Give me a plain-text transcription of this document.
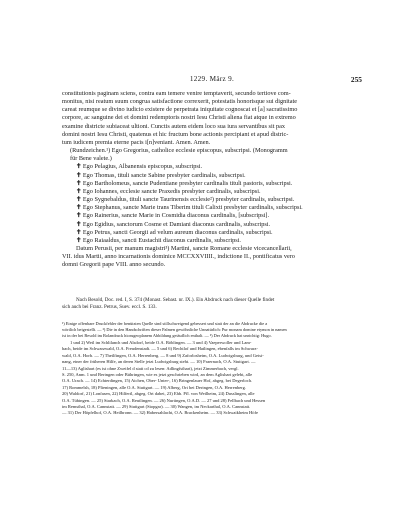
1229. März 9.	255
constitutionis paginam sciens, contra eam temere venire temptaverit, secundo tertiove com-
monitus, nisi reatum suum congrua satisfactione correxerit, potestatis honorisque sui dignitate
careat reumque se divino iudicio existere de perpetrata iniquitate cognoscat et [a] sacratissimo
corpore, ac sanguine dei et domini redemptoris nostri Iesu Christi aliena fiat atque in extremo
examine districte subiaceat ultioni. Cunctis autem eidem loco sua iura servantibus sit pax
domini nostri Iesu Christi, quatenus et hic fructum bone actionis percipiant et apud distric-
tum iudicem premia eterne pacis i[n]veniant. Amen. Amen.
(Rundzeichen.¹) Ego Gregorius, catholice ecclesie episcopus, subscripsi. (Monogramm
für Bene valete.)
✝ Ego Pelagius, Albanensis episcopus, subscripsi.
✝ Ego Thomas, tituli sancte Sabine presbyter cardinalis, subscripsi.
✝ Ego Bartholomeus, sancte Pudentiane presbyter cardinalis tituli pastoris, subscripsi.
✝ Ego Iohannes, ecclesie sancte Praxedis presbyter cardinalis, subscripsi.
✝ Ego Sygnebaldus, tituli sancte Taurinensis ecclesie²) presbyter cardinalis, subscripsi.
✝ Ego Stephanus, sancte Marie trans Tiberim tituli Calixti presbyter cardinalis, subscripsi.
✝ Ego Rainerius, sancte Marie in Cosmidia diaconus cardinalis, [subscripsi].
✝ Ego Egidius, sanctorum Cosme et Damiani diaconus cardinalis, subscripsi.
✝ Ego Petrus, sancti Georgii ad velum aureum diaconus cardinalis, subscripsi.
✝ Ego Raiaaldus, sancti Eustachii diaconus cardinalis, subscripsi.
Datum Perusii, per manum magistri³) Martini, sancte Romane ecclesie vicecancellarii,
VII. idus Martii, anno incarnationis dominice MCCXXVIIII., indictione II., pontificatus vero
domni Gregorii pape VIII. anno secundo.
Nach Besold, Doc. red. I, S. 374 (Monast. Sebast. nr. IX.). Ein Abdruck nach dieser Quelle findet
sich auch bei Franz. Petrus, Suev. eccl. S. 133.
¹) Einige offenbare Druckfehler der benützten Quelle sind stillschweigend gebessert und statt der an die Abdrucke die a
wörtlich beigestellt. — ²) Die in den Handschriften dieser Palmen gewöhnliche Unnatürlich: Pur monam domine etymon in namen
ist in der bei Besold im Bolandruck hiorugeoplanem Abbildung getäuflich enthalt. — ³) Der Abdruck hat unrichtig: Hugo.
1 und 2) Weil im Schlilanch und Alsdorf, beide O.A. Böblingen. — 3 und 4) Vaeperwoller und Lam-
bach, beide im Schwarzwald, O.A. Freudenstadt. — 5 und 6) Rechtlof und Hatlingen, ebenfalls im Schwarz-
wald, O.A. Horb. — 7) Theilfingen, O.A. Herrenberg. — 8 und 9) Zaforlosheim, O.A. Ludwigsburg, und Geisi-
nang, einer der früheren Hilfe, an deren Stelle jetzt Ludwigsburg steht. — 10) Fraernach, O.A. Stuttgart. —
11—13) Aglishart (es ist ohne Zweifel d statt cd zu lesen: Adlingfsthart), jetzt Zimmerbach, vergl.
S. 250, Anm. 1 und Beringen oder Bühringen, wie es jetzt geschrieben wird, an dem Aglishart gelebt, alle
O.A. Urach. — 14) Echterdingen, 15) Aichen, Ober- Unter-, 16) Bringenlauer Hof, abgeg. bei Degerloch.
17) Rommelsh, 18) Plieningen, alle O.A. Stuttgart. — 19) Alberg, Ort bei Deringen, O.A. Herrenberg.
20) Waldorf, 21) Lonfasen, 22) Hilfertl, abgeg. Ort dabei, 23) Ehb. Pfl. von Weilheim, 24) Dusslingen, alle
O.A. Tübingen. — 25) Starkach, O.A. Reutlingen. — 26) Nurtingen, O.A.D. — 27 und 28) Fellbach und Hessen
im Remsthal, O.A. Cannstatt. — 29) Stuttgart (Stopgar). — 30) Wangen, im Neckarthal, O.A. Cannstatt.
— 31) Der Höpfelhof, O.A. Heilbronn. — 32) Habersahlacht, O.A. Brackenheim. — 33) Schwaikheim Höfe
